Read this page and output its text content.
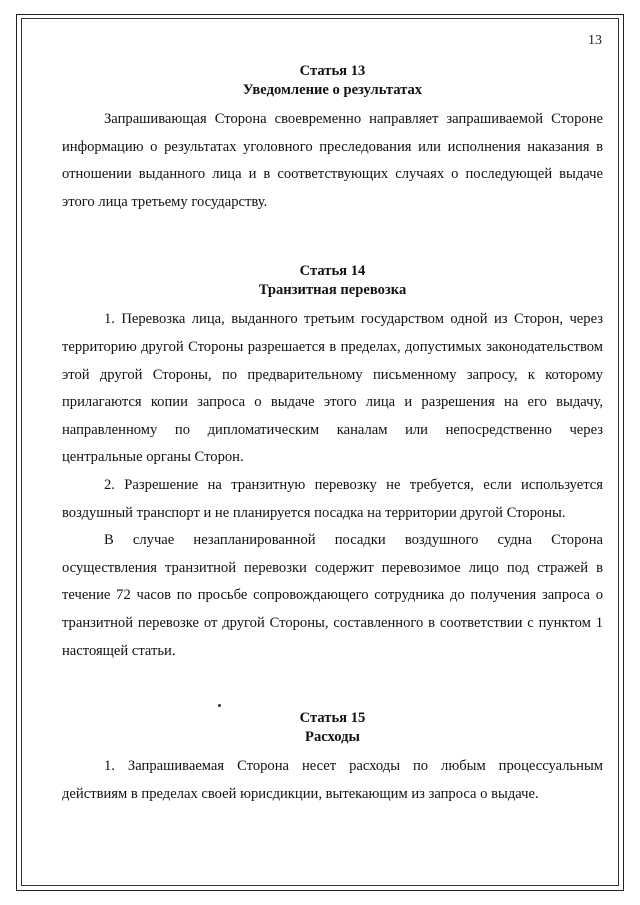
13
Статья 13
Уведомление о результатах

Запрашивающая Сторона своевременно направляет запрашиваемой Стороне информацию о результатах уголовного преследования или исполнения наказания в отношении выданного лица и в соответствующих случаях о последующей выдаче этого лица третьему государству.

Статья 14
Транзитная перевозка

1. Перевозка лица, выданного третьим государством одной из Сторон, через территорию другой Стороны разрешается в пределах, допустимых законодательством этой другой Стороны, по предварительному письменному запросу, к которому прилагаются копии запроса о выдаче этого лица и разрешения на его выдачу, направленному по дипломатическим каналам или непосредственно через центральные органы Сторон.

2. Разрешение на транзитную перевозку не требуется, если используется воздушный транспорт и не планируется посадка на территории другой Стороны.

В случае незапланированной посадки воздушного судна Сторона осуществления транзитной перевозки содержит перевозимое лицо под стражей в течение 72 часов по просьбе сопровождающего сотрудника до получения запроса о транзитной перевозке от другой Стороны, составленного в соответствии с пунктом 1 настоящей статьи.

Статья 15
Расходы

1. Запрашиваемая Сторона несет расходы по любым процессуальным действиям в пределах своей юрисдикции, вытекающим из запроса о выдаче.
